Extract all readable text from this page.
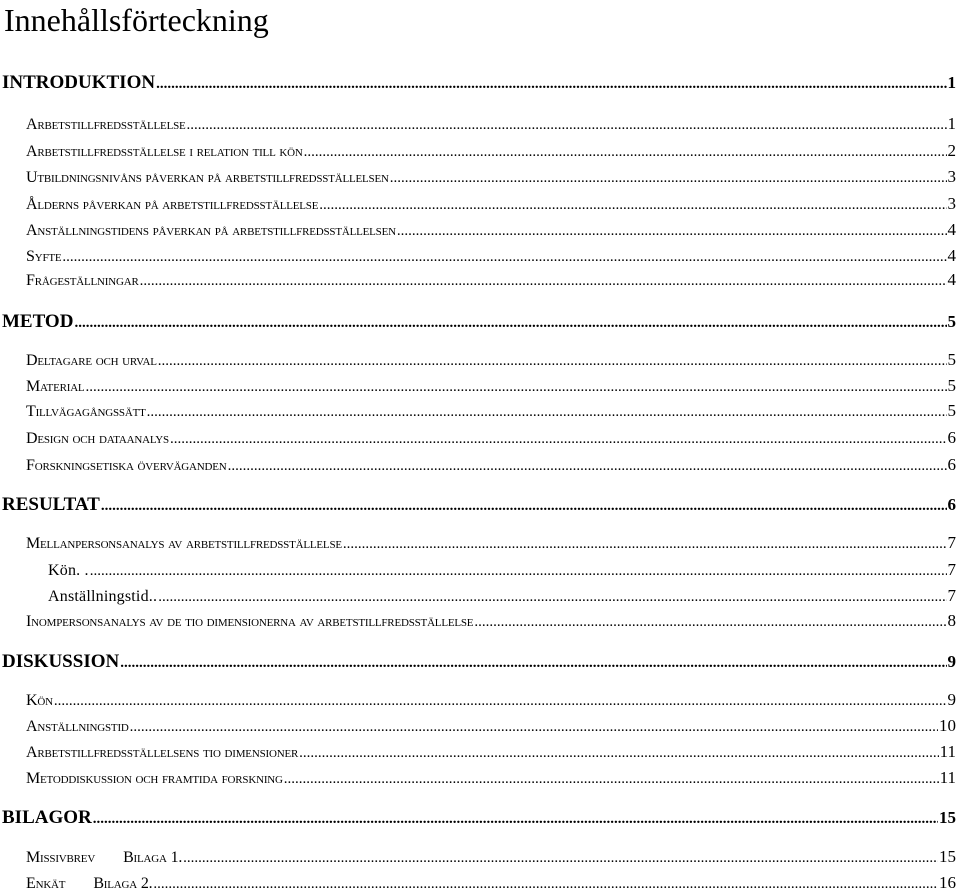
Innehållsförteckning
INTRODUKTION .....	1
Arbetstillfredsställelse .....	1
Arbetstillfredsställelse i relation till kön .....	2
Utbildningsnivåns påverkan på arbetstillfredsställelsen .....	3
Ålderns påverkan på arbetstillfredsställelse .....	3
Anställningstidens påverkan på arbetstillfredsställelsen .....	4
Syfte .....	4
Frågeställningar .....	4
METOD .....	5
Deltagare och urval .....	5
Material .....	5
Tillvägagångssätt .....	5
Design och dataanalys .....	6
Forskningsetiska överväganden .....	6
RESULTAT .....	6
Mellanpersonsanalys av arbetstillfredsställelse .....	7
Kön. . .....	7
Anställningstid.. .....	7
Inompersonsanalys av de tio dimensionerna av arbetstillfredsställelse .....	8
DISKUSSION .....	9
Kön .....	9
Anställningstid .....	10
Arbetstillfredsställelsens tio dimensioner .....	11
Metoddiskussion och framtida forskning .....	11
BILAGOR .....	15
Missivbrev Bilaga 1. .....	15
Enkät Bilaga 2. .....	16
